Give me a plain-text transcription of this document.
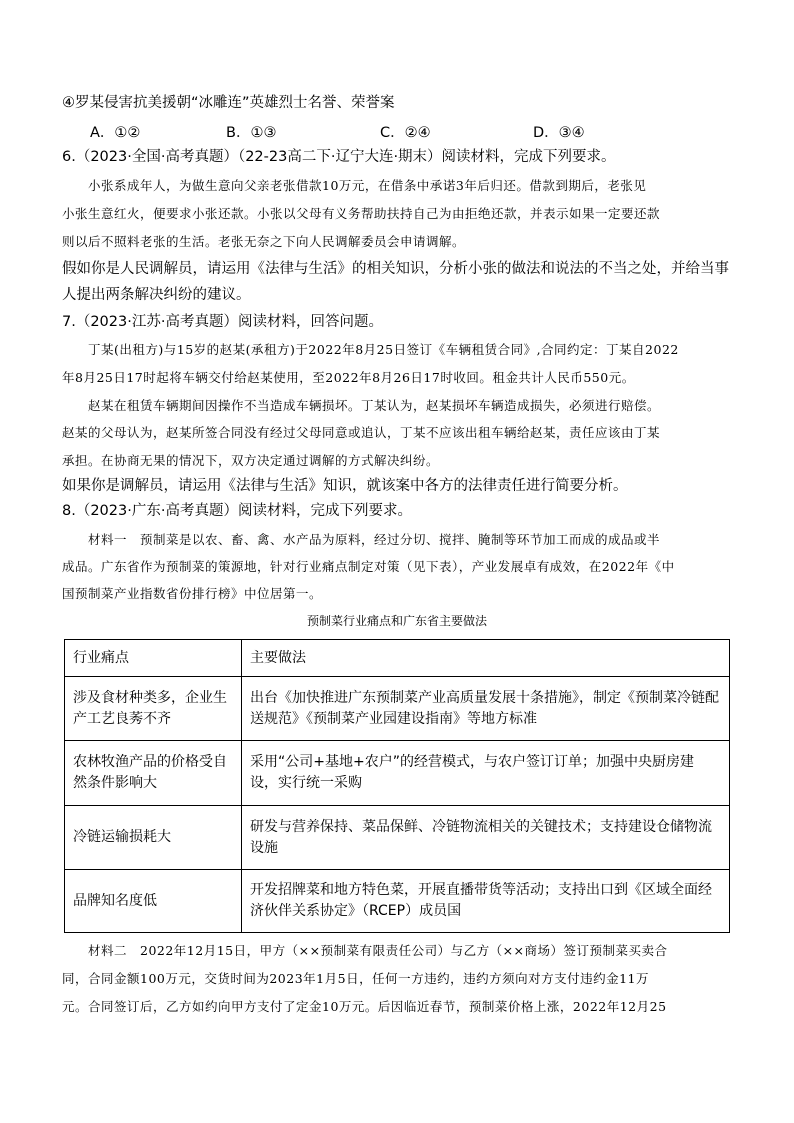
④罗某侵害抗美援朝“冰雕连”英雄烈士名誉、荣誉案
A．①②	B．①③	C．②④	D．③④
6.（2023·全国·高考真题）（22-23高二下·辽宁大连·期末）阅读材料，完成下列要求。
　　小张系成年人，为做生意向父亲老张借款10万元，在借条中承诺3年后归还。借款到期后，老张见
小张生意红火，便要求小张还款。小张以父母有义务帮助扶持自己为由拒绝还款，并表示如果一定要还款
则以后不照料老张的生活。老张无奈之下向人民调解委员会申请调解。
假如你是人民调解员，请运用《法律与生活》的相关知识，分析小张的做法和说法的不当之处，并给当事
人提出两条解决纠纷的建议。
7.（2023·江苏·高考真题）阅读材料，回答问题。
　　丁某(出租方)与15岁的赵某(承租方)于2022年8月25日签订《车辆租赁合同》,合同约定：丁某自2022
年8月25日17时起将车辆交付给赵某使用，至2022年8月26日17时收回。租金共计人民币550元。
　　赵某在租赁车辆期间因操作不当造成车辆损坏。丁某认为，赵某损坏车辆造成损失，必须进行赔偿。
赵某的父母认为，赵某所签合同没有经过父母同意或追认，丁某不应该出租车辆给赵某，责任应该由丁某
承担。在协商无果的情况下，双方决定通过调解的方式解决纠纷。
如果你是调解员，请运用《法律与生活》知识，就该案中各方的法律责任进行简要分析。
8.（2023·广东·高考真题）阅读材料，完成下列要求。
　　材料一　预制菜是以农、畜、禽、水产品为原料，经过分切、搅拌、腌制等环节加工而成的成品或半
成品。广东省作为预制菜的策源地，针对行业痛点制定对策（见下表），产业发展卓有成效，在2022年《中
国预制菜产业指数省份排行榜》中位居第一。
预制菜行业痛点和广东省主要做法
行业痛点	主要做法
涉及食材种类多，企业生产工艺良莠不齐	出台《加快推进广东预制菜产业高质量发展十条措施》，制定《预制菜冷链配送规范》《预制菜产业园建设指南》等地方标准
农林牧渔产品的价格受自然条件影响大	采用“公司+基地+农户”的经营模式，与农户签订订单；加强中央厨房建设，实行统一采购
冷链运输损耗大	研发与营养保持、菜品保鲜、冷链物流相关的关键技术；支持建设仓储物流设施
品牌知名度低	开发招牌菜和地方特色菜，开展直播带货等活动；支持出口到《区域全面经济伙伴关系协定》（RCEP）成员国
　　材料二　2022年12月15日，甲方（××预制菜有限责任公司）与乙方（××商场）签订预制菜买卖合
同，合同金额100万元，交货时间为2023年1月5日，任何一方违约，违约方须向对方支付违约金11万
元。合同签订后，乙方如约向甲方支付了定金10万元。后因临近春节，预制菜价格上涨，2022年12月25
